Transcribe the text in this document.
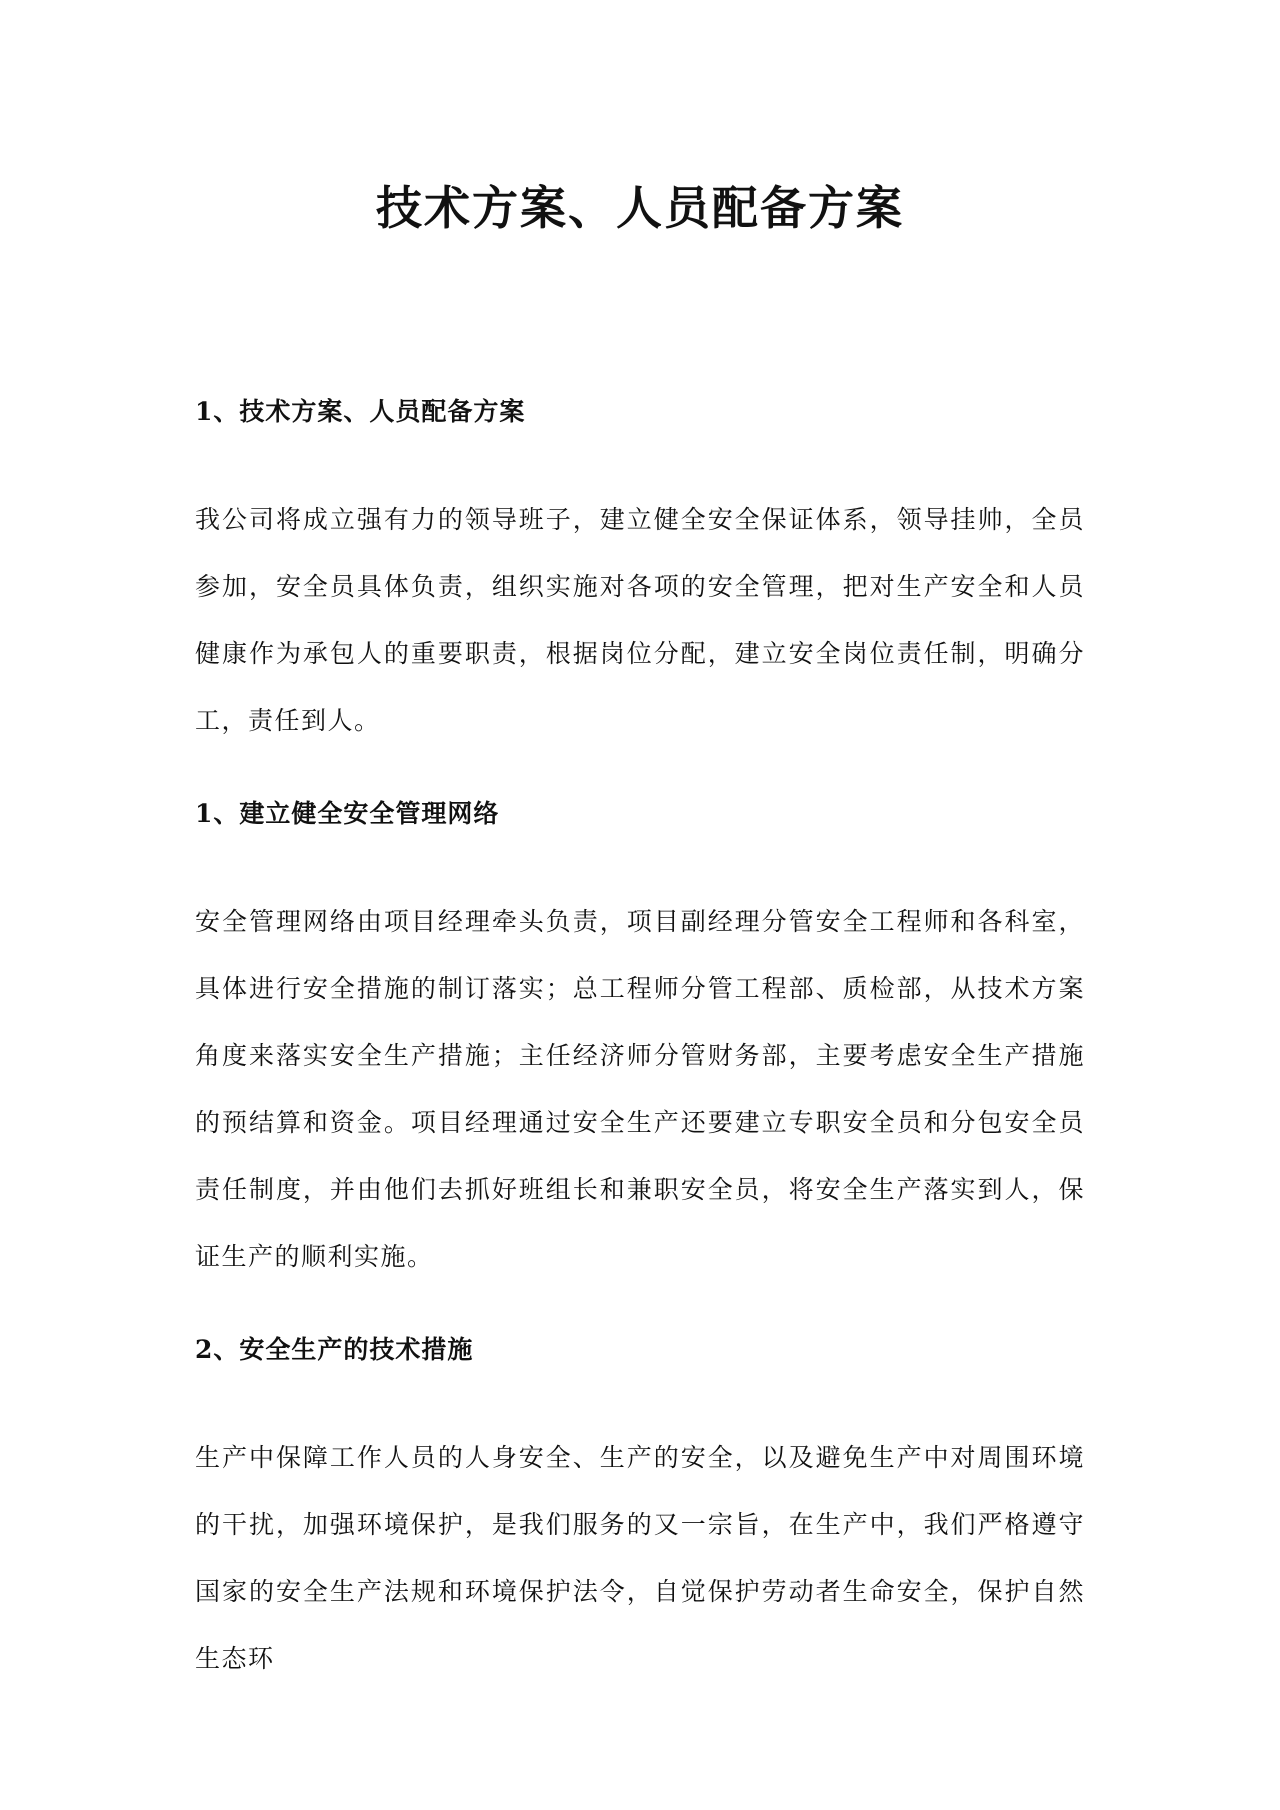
技术方案、人员配备方案
1、技术方案、人员配备方案

我公司将成立强有力的领导班子，建立健全安全保证体系，领导挂帅，全员参加，安全员具体负责，组织实施对各项的安全管理，把对生产安全和人员健康作为承包人的重要职责，根据岗位分配，建立安全岗位责任制，明确分工，责任到人。

1、建立健全安全管理网络

安全管理网络由项目经理牵头负责，项目副经理分管安全工程师和各科室，具体进行安全措施的制订落实；总工程师分管工程部、质检部，从技术方案角度来落实安全生产措施；主任经济师分管财务部，主要考虑安全生产措施的预结算和资金。项目经理通过安全生产还要建立专职安全员和分包安全员责任制度，并由他们去抓好班组长和兼职安全员，将安全生产落实到人，保证生产的顺利实施。

2、安全生产的技术措施

生产中保障工作人员的人身安全、生产的安全，以及避免生产中对周围环境的干扰，加强环境保护，是我们服务的又一宗旨，在生产中，我们严格遵守国家的安全生产法规和环境保护法令，自觉保护劳动者生命安全，保护自然生态环
